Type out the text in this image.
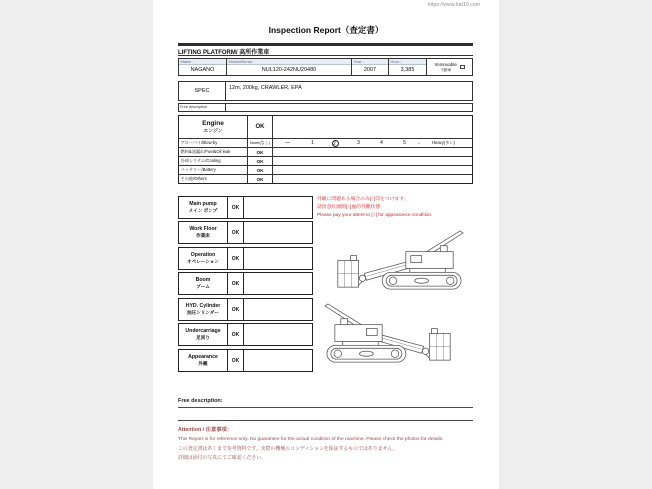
https://www.hat10.com
Inspection Report（査定書）
LIFTING PLATFORM/ 高所作業車
Maker :
NAGANO
Model#Serial :
NUL120-242NU20480
Year :
2007
Hour :
3,385
Immovable
不動車
SPEC	12m, 200kg, CRAWLER, EPA
Free description
Engine
エンジン
OK
ブローバイ/Blow-by	None(なし)	―	1	2	3	4	5	→	Heavy(多い)
燃料&油漏れ/Fuel&Oil leak	OK
冷却システム/Cooling	OK
バッテリー/Battery	OK
その他/Others	OK
Main pump
メイン ポンプ	OK
Work Floor
作業床	OK
Operation
オペレーション	OK
Boom
ブーム	OK
HYD. Cylinder
油圧シリンダー	OK
Undercarriage
足回り	OK
Appearance
外観	OK
外観に問題ある場合のみ[○]印をつけます。
請留意紅圈圈[○]處的外觀状態。
Please pay your attent to [○] for appearance condition.
Free description:
Attention / 注意事項：
This Report is for reference only. No guarantee for the actual condition of the machine. Please check the photos for details.
この査定書はあくまで参考資料です。実際の機械のコンディションを保証するものではありません。
詳細は添付の写真にてご確認ください。
